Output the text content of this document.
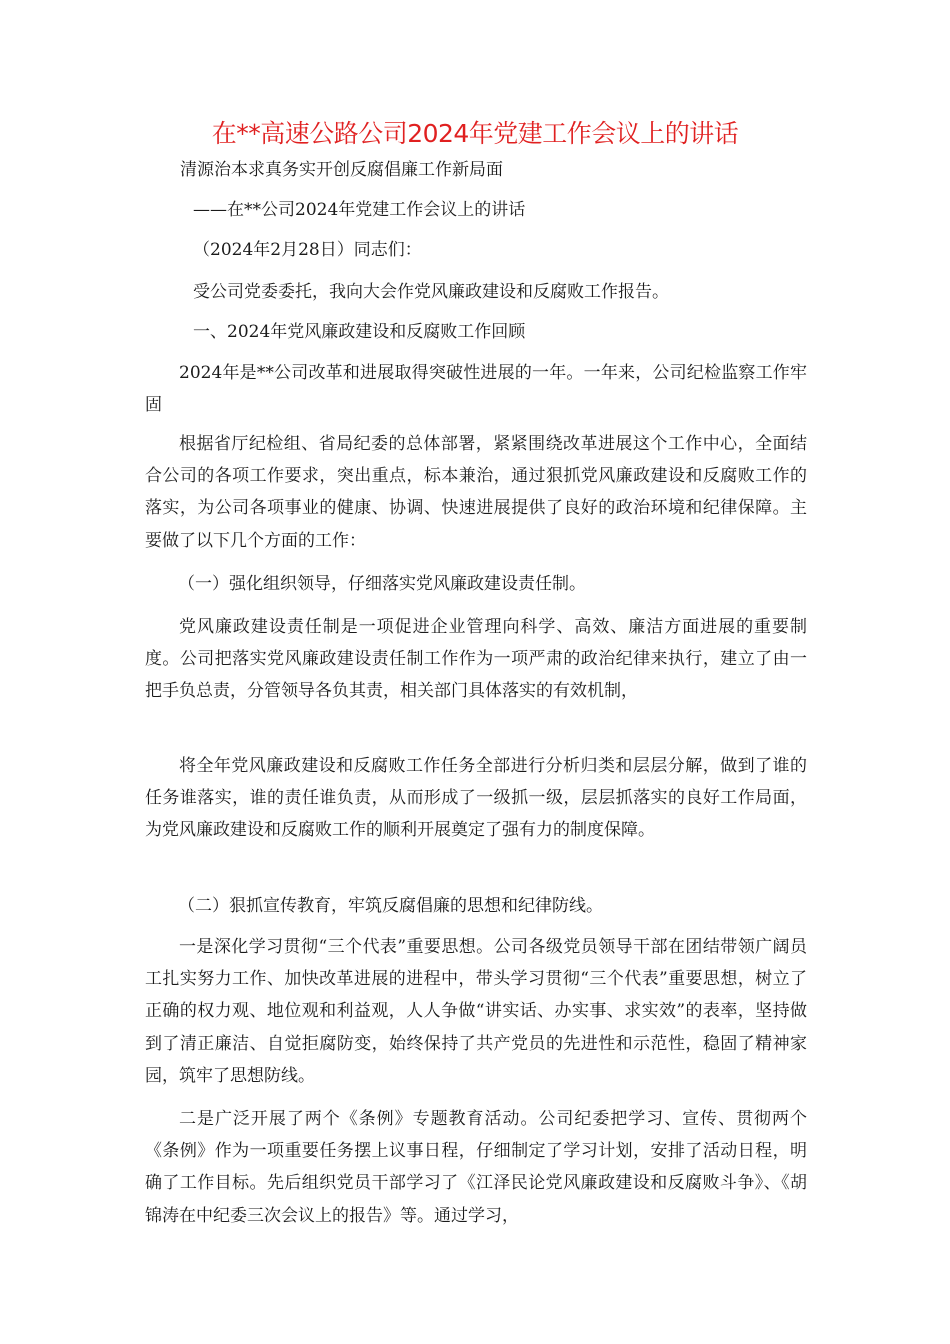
在**高速公路公司2024年党建工作会议上的讲话
清源治本求真务实开创反腐倡廉工作新局面
——在**公司2024年党建工作会议上的讲话
（2024年2月28日）同志们：
受公司党委委托，我向大会作党风廉政建设和反腐败工作报告。
一、2024年党风廉政建设和反腐败工作回顾
2024年是**公司改革和进展取得突破性进展的一年。一年来，公司纪检监察工作牢固
根据省厅纪检组、省局纪委的总体部署，紧紧围绕改革进展这个工作中心，全面结合公司的各项工作要求，突出重点，标本兼治，通过狠抓党风廉政建设和反腐败工作的落实，为公司各项事业的健康、协调、快速进展提供了良好的政治环境和纪律保障。主要做了以下几个方面的工作：
（一）强化组织领导，仔细落实党风廉政建设责任制。
党风廉政建设责任制是一项促进企业管理向科学、高效、廉洁方面进展的重要制度。公司把落实党风廉政建设责任制工作作为一项严肃的政治纪律来执行，建立了由一把手负总责，分管领导各负其责，相关部门具体落实的有效机制，
将全年党风廉政建设和反腐败工作任务全部进行分析归类和层层分解，做到了谁的任务谁落实，谁的责任谁负责，从而形成了一级抓一级，层层抓落实的良好工作局面，为党风廉政建设和反腐败工作的顺利开展奠定了强有力的制度保障。
（二）狠抓宣传教育，牢筑反腐倡廉的思想和纪律防线。
一是深化学习贯彻“三个代表”重要思想。公司各级党员领导干部在团结带领广阔员工扎实努力工作、加快改革进展的进程中，带头学习贯彻“三个代表”重要思想，树立了正确的权力观、地位观和利益观，人人争做“讲实话、办实事、求实效”的表率，坚持做到了清正廉洁、自觉拒腐防变，始终保持了共产党员的先进性和示范性，稳固了精神家园，筑牢了思想防线。
二是广泛开展了两个《条例》专题教育活动。公司纪委把学习、宣传、贯彻两个《条例》作为一项重要任务摆上议事日程，仔细制定了学习计划，安排了活动日程，明确了工作目标。先后组织党员干部学习了《江泽民论党风廉政建设和反腐败斗争》、《胡锦涛在中纪委三次会议上的报告》等。通过学习，
